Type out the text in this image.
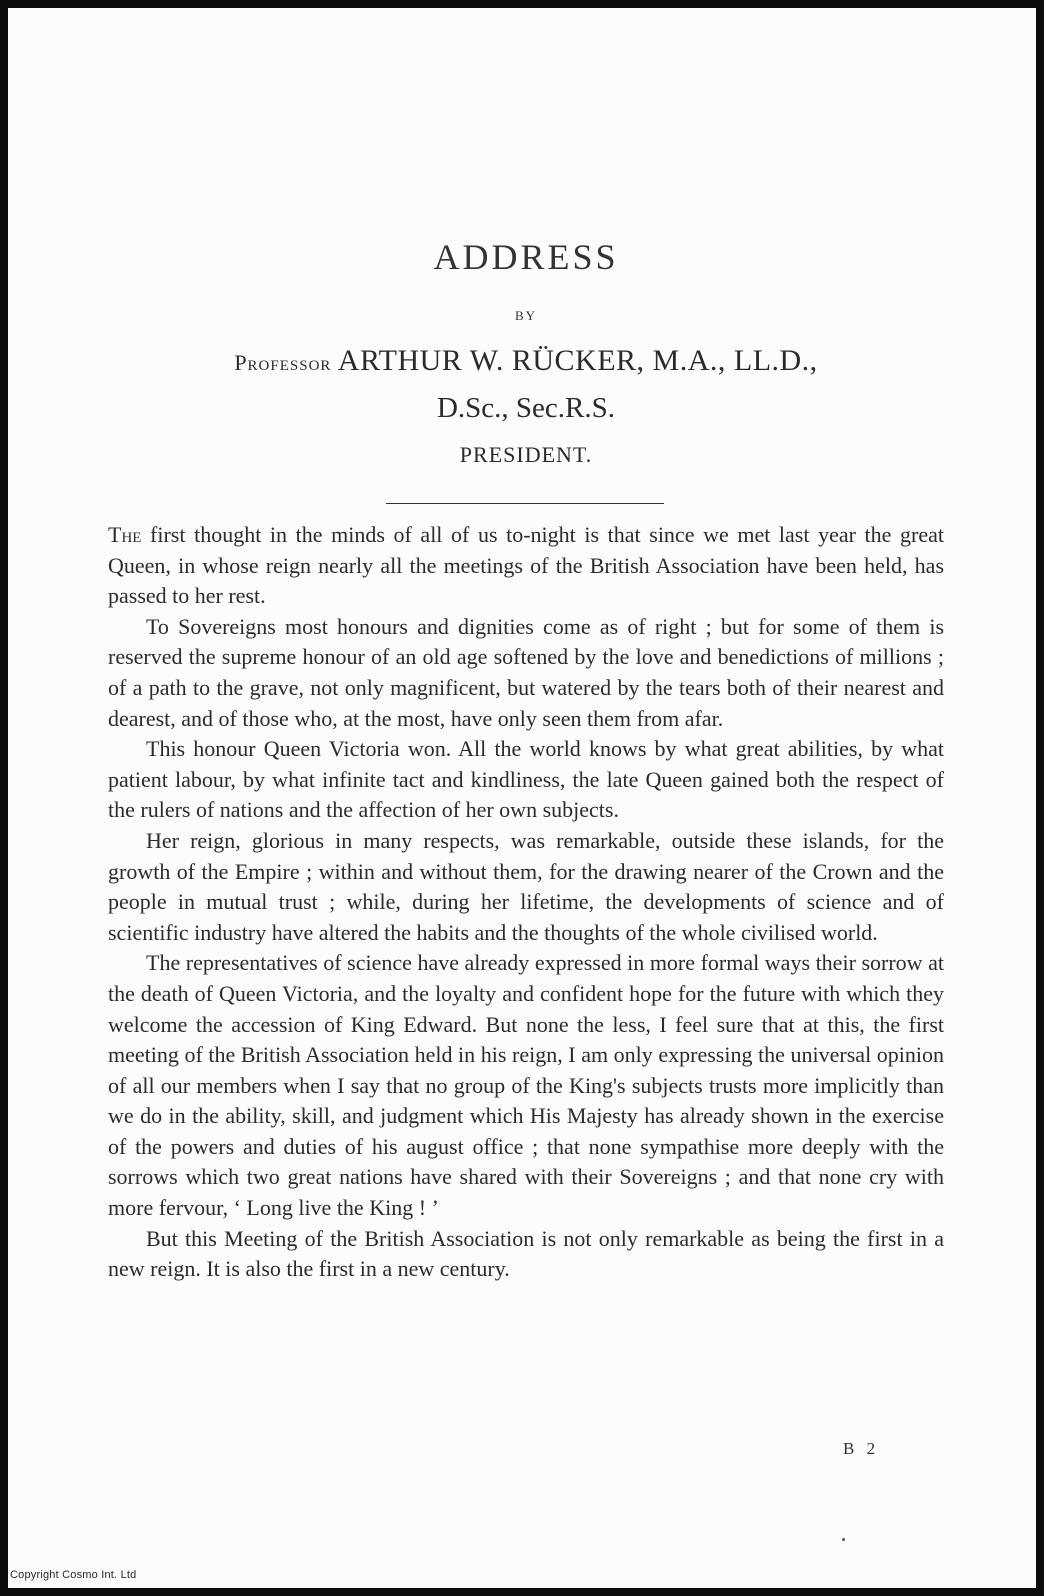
ADDRESS
BY
Professor ARTHUR W. RÜCKER, M.A., LL.D.,
D.Sc., Sec.R.S.
PRESIDENT.

The first thought in the minds of all of us to-night is that since we met last year the great Queen, in whose reign nearly all the meetings of the British Association have been held, has passed to her rest.

To Sovereigns most honours and dignities come as of right ; but for some of them is reserved the supreme honour of an old age softened by the love and benedictions of millions ; of a path to the grave, not only magnificent, but watered by the tears both of their nearest and dearest, and of those who, at the most, have only seen them from afar.

This honour Queen Victoria won. All the world knows by what great abilities, by what patient labour, by what infinite tact and kindliness, the late Queen gained both the respect of the rulers of nations and the affection of her own subjects.

Her reign, glorious in many respects, was remarkable, outside these islands, for the growth of the Empire ; within and without them, for the drawing nearer of the Crown and the people in mutual trust ; while, during her lifetime, the developments of science and of scientific industry have altered the habits and the thoughts of the whole civilised world.

The representatives of science have already expressed in more formal ways their sorrow at the death of Queen Victoria, and the loyalty and confident hope for the future with which they welcome the accession of King Edward. But none the less, I feel sure that at this, the first meeting of the British Association held in his reign, I am only expressing the universal opinion of all our members when I say that no group of the King's subjects trusts more implicitly than we do in the ability, skill, and judgment which His Majesty has already shown in the exercise of the powers and duties of his august office ; that none sympathise more deeply with the sorrows which two great nations have shared with their Sovereigns ; and that none cry with more fervour, ‘ Long live the King ! ’

But this Meeting of the British Association is not only remarkable as being the first in a new reign. It is also the first in a new century.

B 2
Copyright Cosmo Int. Ltd
